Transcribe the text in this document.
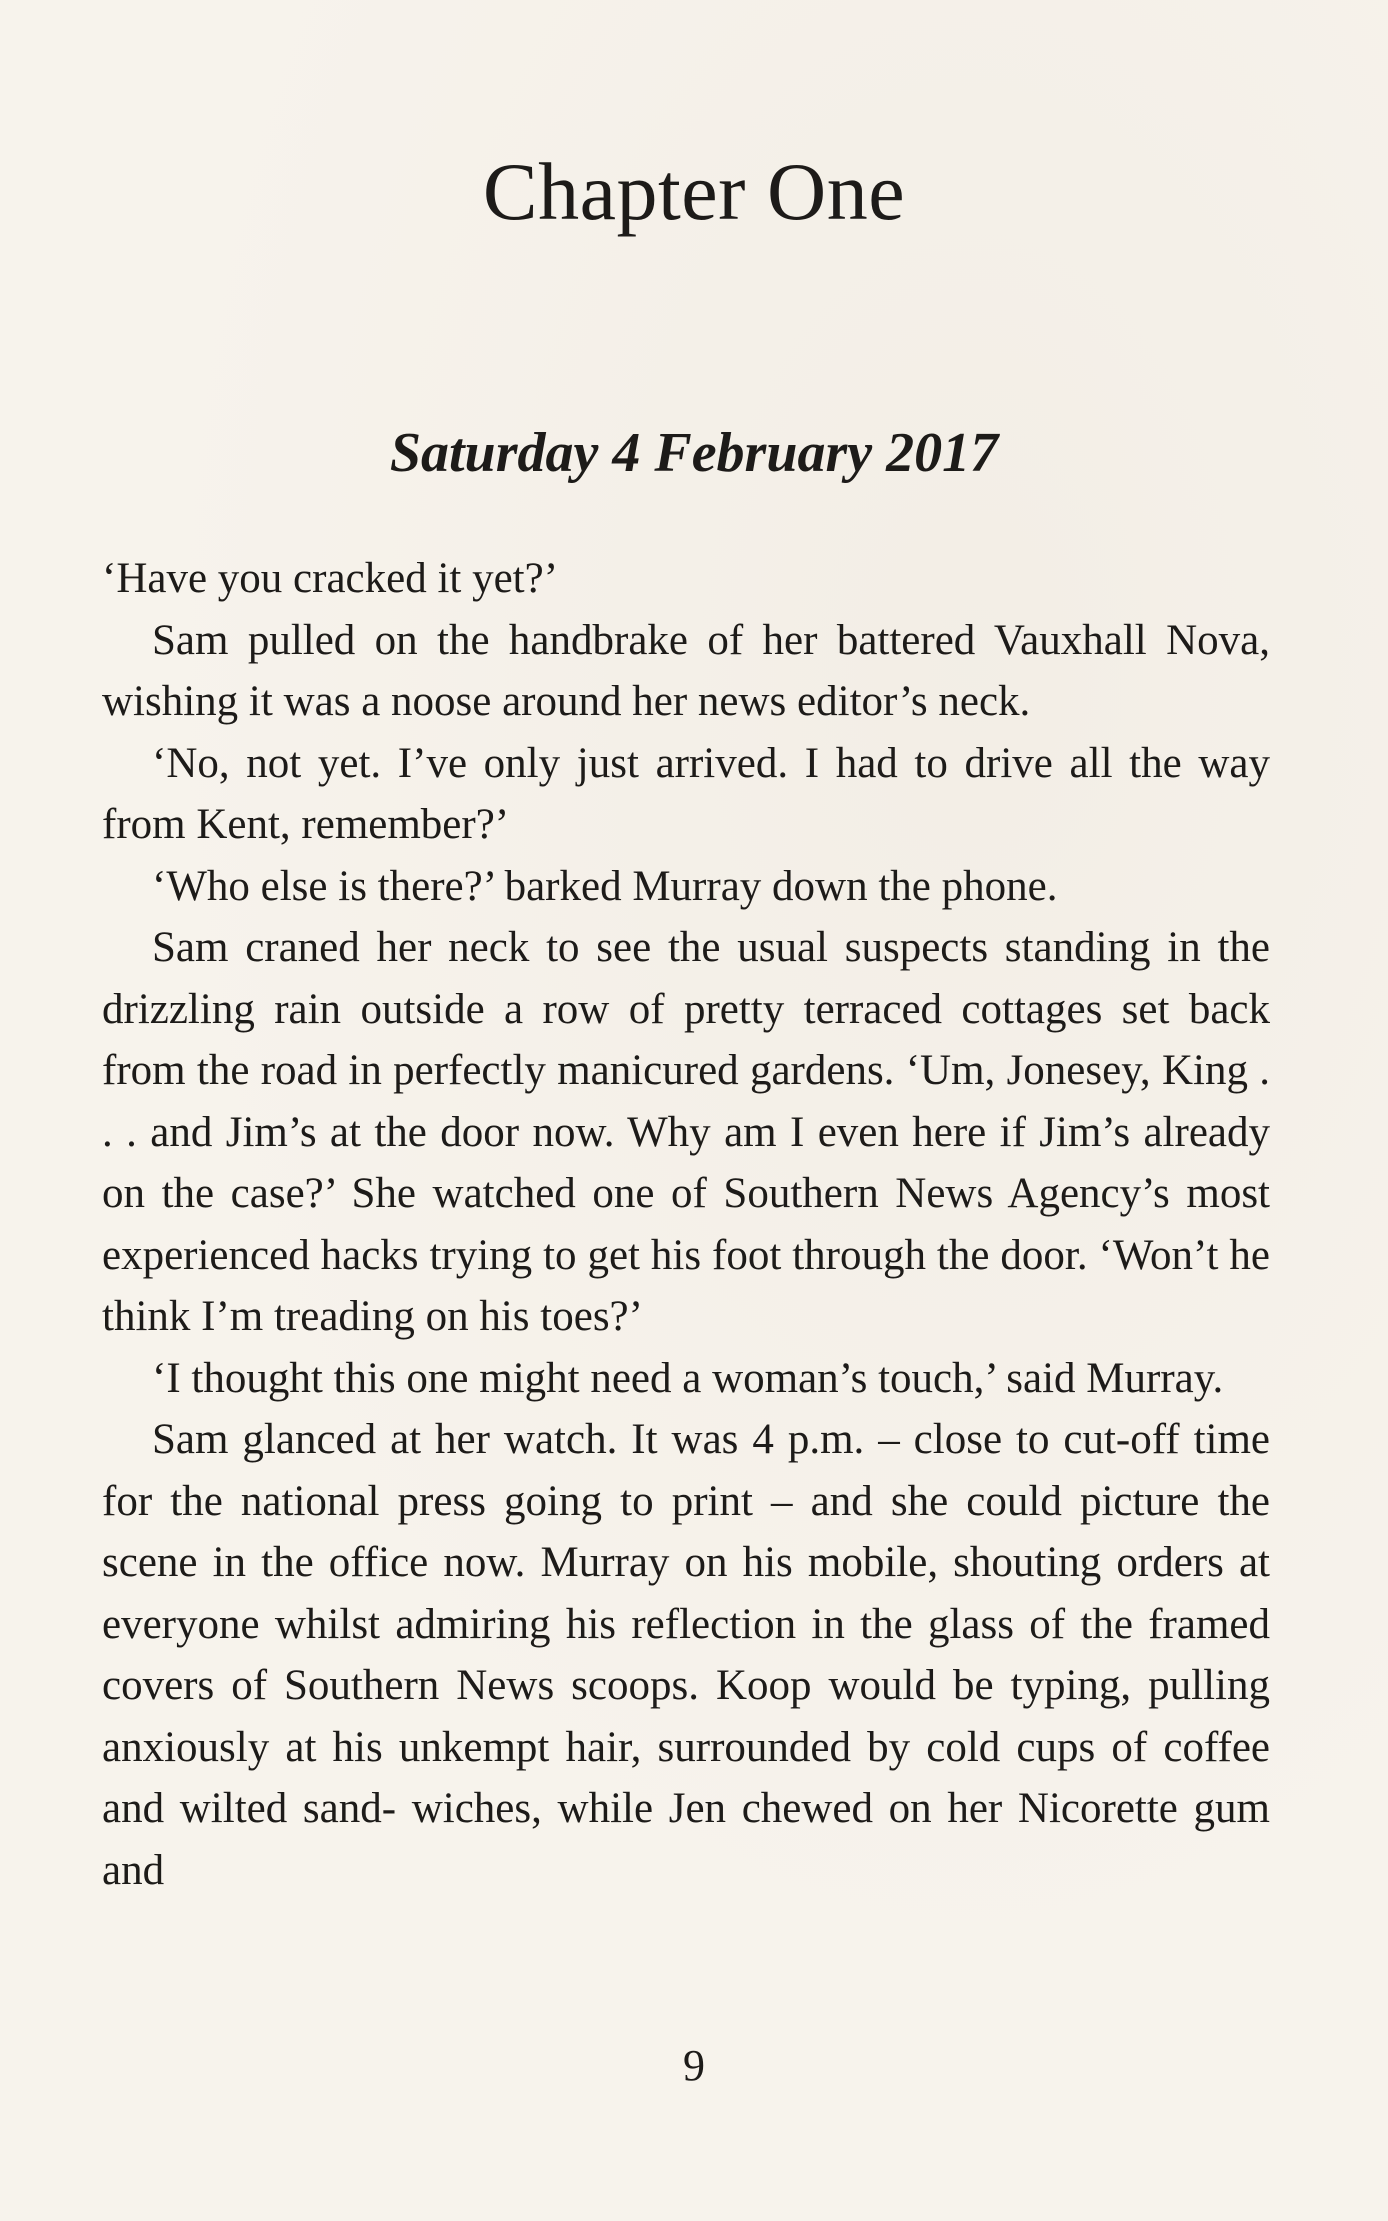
Chapter One
Saturday 4 February 2017

‘Have you cracked it yet?’

Sam pulled on the handbrake of her battered Vauxhall Nova, wishing it was a noose around her news editor’s neck.

‘No, not yet. I’ve only just arrived. I had to drive all the way from Kent, remember?’

‘Who else is there?’ barked Murray down the phone.

Sam craned her neck to see the usual suspects standing in the drizzling rain outside a row of pretty terraced cottages set back from the road in perfectly manicured gardens. ‘Um, Jonesey, King . . . and Jim’s at the door now. Why am I even here if Jim’s already on the case?’ She watched one of Southern News Agency’s most experienced hacks trying to get his foot through the door. ‘Won’t he think I’m treading on his toes?’

‘I thought this one might need a woman’s touch,’ said Murray.

Sam glanced at her watch. It was 4 p.m. – close to cut-off time for the national press going to print – and she could picture the scene in the office now. Murray on his mobile, shouting orders at everyone whilst admiring his reflection in the glass of the framed covers of Southern News scoops. Koop would be typing, pulling anxiously at his unkempt hair, surrounded by cold cups of coffee and wilted sand- wiches, while Jen chewed on her Nicorette gum and

9
